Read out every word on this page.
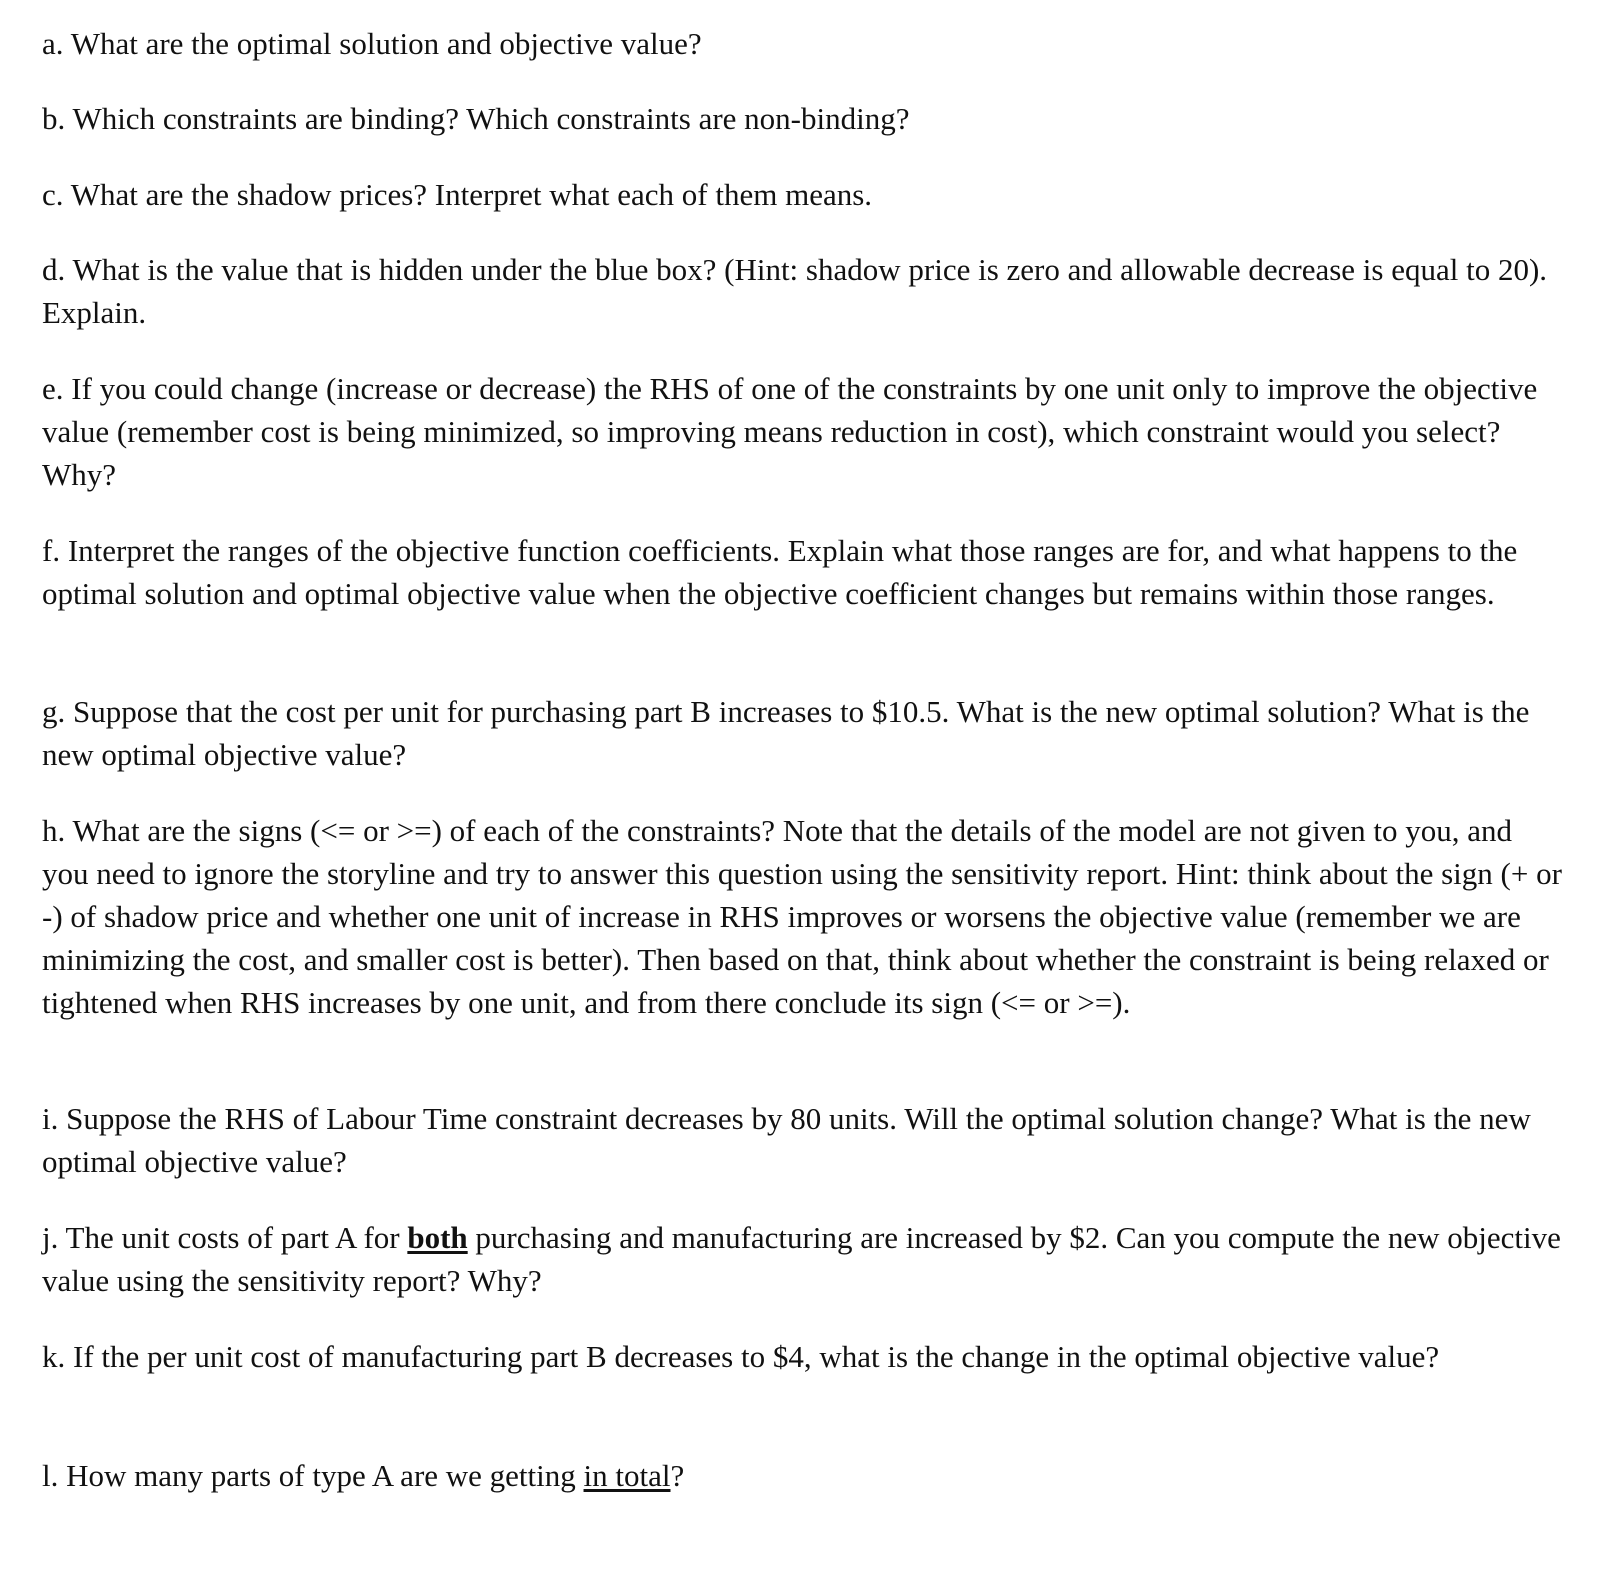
a. What are the optimal solution and objective value?

b. Which constraints are binding? Which constraints are non-binding?

c. What are the shadow prices? Interpret what each of them means.

d. What is the value that is hidden under the blue box? (Hint: shadow price is zero and allowable decrease is equal to 20). Explain.

e. If you could change (increase or decrease) the RHS of one of the constraints by one unit only to improve the objective value (remember cost is being minimized, so improving means reduction in cost), which constraint would you select? Why?

f. Interpret the ranges of the objective function coefficients. Explain what those ranges are for, and what happens to the optimal solution and optimal objective value when the objective coefficient changes but remains within those ranges.

g. Suppose that the cost per unit for purchasing part B increases to $10.5. What is the new optimal solution? What is the new optimal objective value?

h. What are the signs (<= or >=) of each of the constraints? Note that the details of the model are not given to you, and you need to ignore the storyline and try to answer this question using the sensitivity report. Hint: think about the sign (+ or -) of shadow price and whether one unit of increase in RHS improves or worsens the objective value (remember we are minimizing the cost, and smaller cost is better). Then based on that, think about whether the constraint is being relaxed or tightened when RHS increases by one unit, and from there conclude its sign (<= or >=).

i. Suppose the RHS of Labour Time constraint decreases by 80 units. Will the optimal solution change? What is the new optimal objective value?

j. The unit costs of part A for both purchasing and manufacturing are increased by $2. Can you compute the new objective value using the sensitivity report? Why?

k. If the per unit cost of manufacturing part B decreases to $4, what is the change in the optimal objective value?

l. How many parts of type A are we getting in total?
